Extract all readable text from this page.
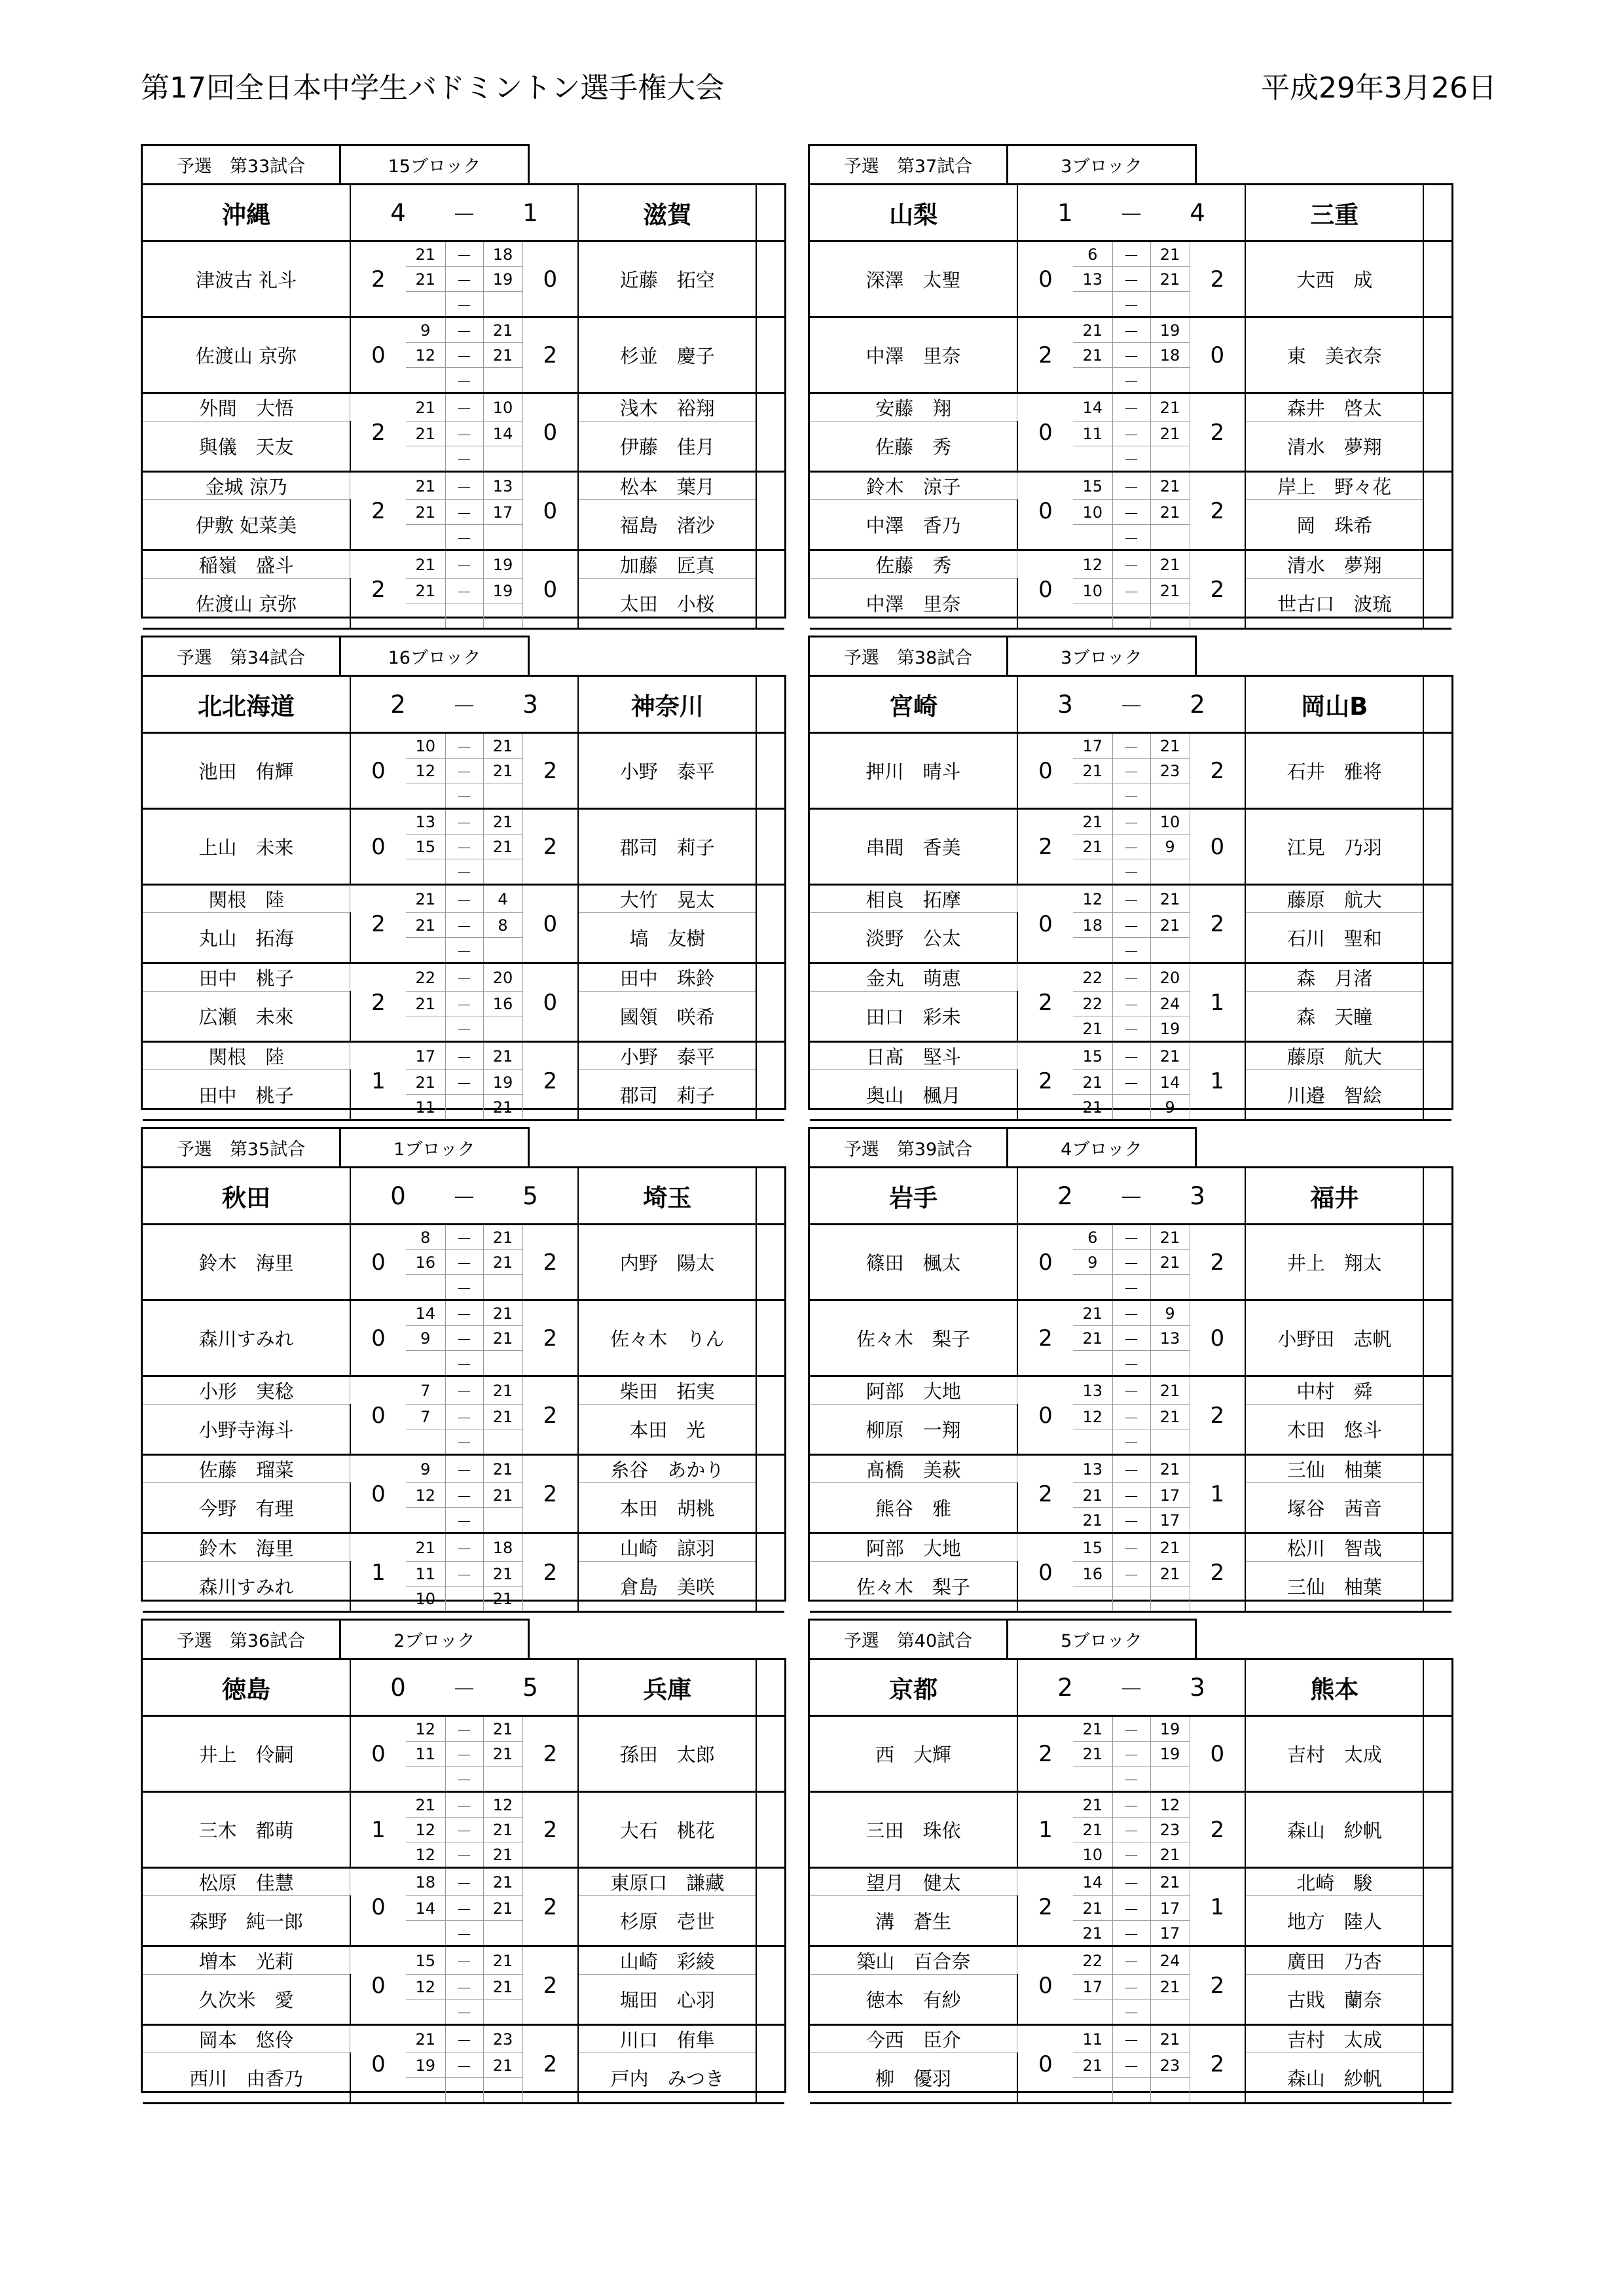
第17回全日本中学生バドミントン選手権大会	平成29年3月26日
予選　第33試合	15ブロック
沖縄	4		－	1		滋賀	
津波古 礼斗	2	21	－	18	0	近藤　拓空	
		21	－	19			
			－				
佐渡山 京弥	0	9	－	21	2	杉並　慶子	
		12	－	21			
			－				
外間　大悟	2	21	－	10	0	浅木　裕翔	
與儀　天友		21	－	14		伊藤　佳月	
			－				
金城 涼乃	2	21	－	13	0	松本　葉月	
伊敷 妃菜美		21	－	17		福島　渚沙	
			－				
稲嶺　盛斗	2	21	－	19	0	加藤　匠真	
佐渡山 京弥		21	－	19		太田　小桜	
			－				
予選　第37試合	3ブロック
山梨	1		－	4		三重	
深澤　太聖	0	6	－	21	2	大西　成	
		13	－	21			
			－				
中澤　里奈	2	21	－	19	0	東　美衣奈	
		21	－	18			
			－				
安藤　翔	0	14	－	21	2	森井　啓太	
佐藤　秀		11	－	21		清水　夢翔	
			－				
鈴木　涼子	0	15	－	21	2	岸上　野々花	
中澤　香乃		10	－	21		岡　珠希	
			－				
佐藤　秀	0	12	－	21	2	清水　夢翔	
中澤　里奈		10	－	21		世古口　波琉	
			－				
予選　第34試合	16ブロック
北北海道	2		－	3		神奈川	
池田　侑輝	0	10	－	21	2	小野　泰平	
		12	－	21			
			－				
上山　未来	0	13	－	21	2	郡司　莉子	
		15	－	21			
			－				
関根　陸	2	21	－	4	0	大竹　晃太	
丸山　拓海		21	－	8		塙　友樹	
			－				
田中　桃子	2	22	－	20	0	田中　珠鈴	
広瀬　未來		21	－	16		國領　咲希	
			－				
関根　陸	1	17	－	21	2	小野　泰平	
田中　桃子		21	－	19		郡司　莉子	
		11	－	21			
予選　第38試合	3ブロック
宮崎	3		－	2		岡山B	
押川　晴斗	0	17	－	21	2	石井　雅将	
		21	－	23			
			－				
串間　香美	2	21	－	10	0	江見　乃羽	
		21	－	9			
			－				
相良　拓摩	0	12	－	21	2	藤原　航大	
淡野　公太		18	－	21		石川　聖和	
			－				
金丸　萌恵	2	22	－	20	1	森　月渚	
田口　彩未		22	－	24		森　天瞳	
		21	－	19			
日髙　堅斗	2	15	－	21	1	藤原　航大	
奥山　楓月		21	－	14		川邉　智絵	
		21	－	9			
予選　第35試合	1ブロック
秋田	0		－	5		埼玉	
鈴木　海里	0	8	－	21	2	内野　陽太	
		16	－	21			
			－				
森川すみれ	0	14	－	21	2	佐々木　りん	
		9	－	21			
			－				
小形　実稔	0	7	－	21	2	柴田　拓実	
小野寺海斗		7	－	21		本田　光	
			－				
佐藤　瑠菜	0	9	－	21	2	糸谷　あかり	
今野　有理		12	－	21		本田　胡桃	
			－				
鈴木　海里	1	21	－	18	2	山崎　諒羽	
森川すみれ		11	－	21		倉島　美咲	
		10	－	21			
予選　第39試合	4ブロック
岩手	2		－	3		福井	
篠田　楓太	0	6	－	21	2	井上　翔太	
		9	－	21			
			－				
佐々木　梨子	2	21	－	9	0	小野田　志帆	
		21	－	13			
			－				
阿部　大地	0	13	－	21	2	中村　舜	
柳原　一翔		12	－	21		木田　悠斗	
			－				
髙橋　美萩	2	13	－	21	1	三仙　柚葉	
熊谷　雅		21	－	17		塚谷　茜音	
		21	－	17			
阿部　大地	0	15	－	21	2	松川　智哉	
佐々木　梨子		16	－	21		三仙　柚葉	
			－				
予選　第36試合	2ブロック
徳島	0		－	5		兵庫	
井上　伶嗣	0	12	－	21	2	孫田　太郎	
		11	－	21			
			－				
三木　都萌	1	21	－	12	2	大石　桃花	
		12	－	21			
		12	－	21			
松原　佳慧	0	18	－	21	2	東原口　謙藏	
森野　純一郎		14	－	21		杉原　壱世	
			－				
増本　光莉	0	15	－	21	2	山崎　彩綾	
久次米　愛		12	－	21		堀田　心羽	
			－				
岡本　悠伶	0	21	－	23	2	川口　侑隼	
西川　由香乃		19	－	21		戸内　みつき	
			－				
予選　第40試合	5ブロック
京都	2		－	3		熊本	
西　大輝	2	21	－	19	0	吉村　太成	
		21	－	19			
			－				
三田　珠依	1	21	－	12	2	森山　紗帆	
		21	－	23			
		10	－	21			
望月　健太	2	14	－	21	1	北崎　駿	
溝　蒼生		21	－	17		地方　陸人	
		21	－	17			
築山　百合奈	0	22	－	24	2	廣田　乃杏	
徳本　有紗		17	－	21		古戝　蘭奈	
			－				
今西　臣介	0	11	－	21	2	吉村　太成	
柳　優羽		21	－	23		森山　紗帆	
			－				
